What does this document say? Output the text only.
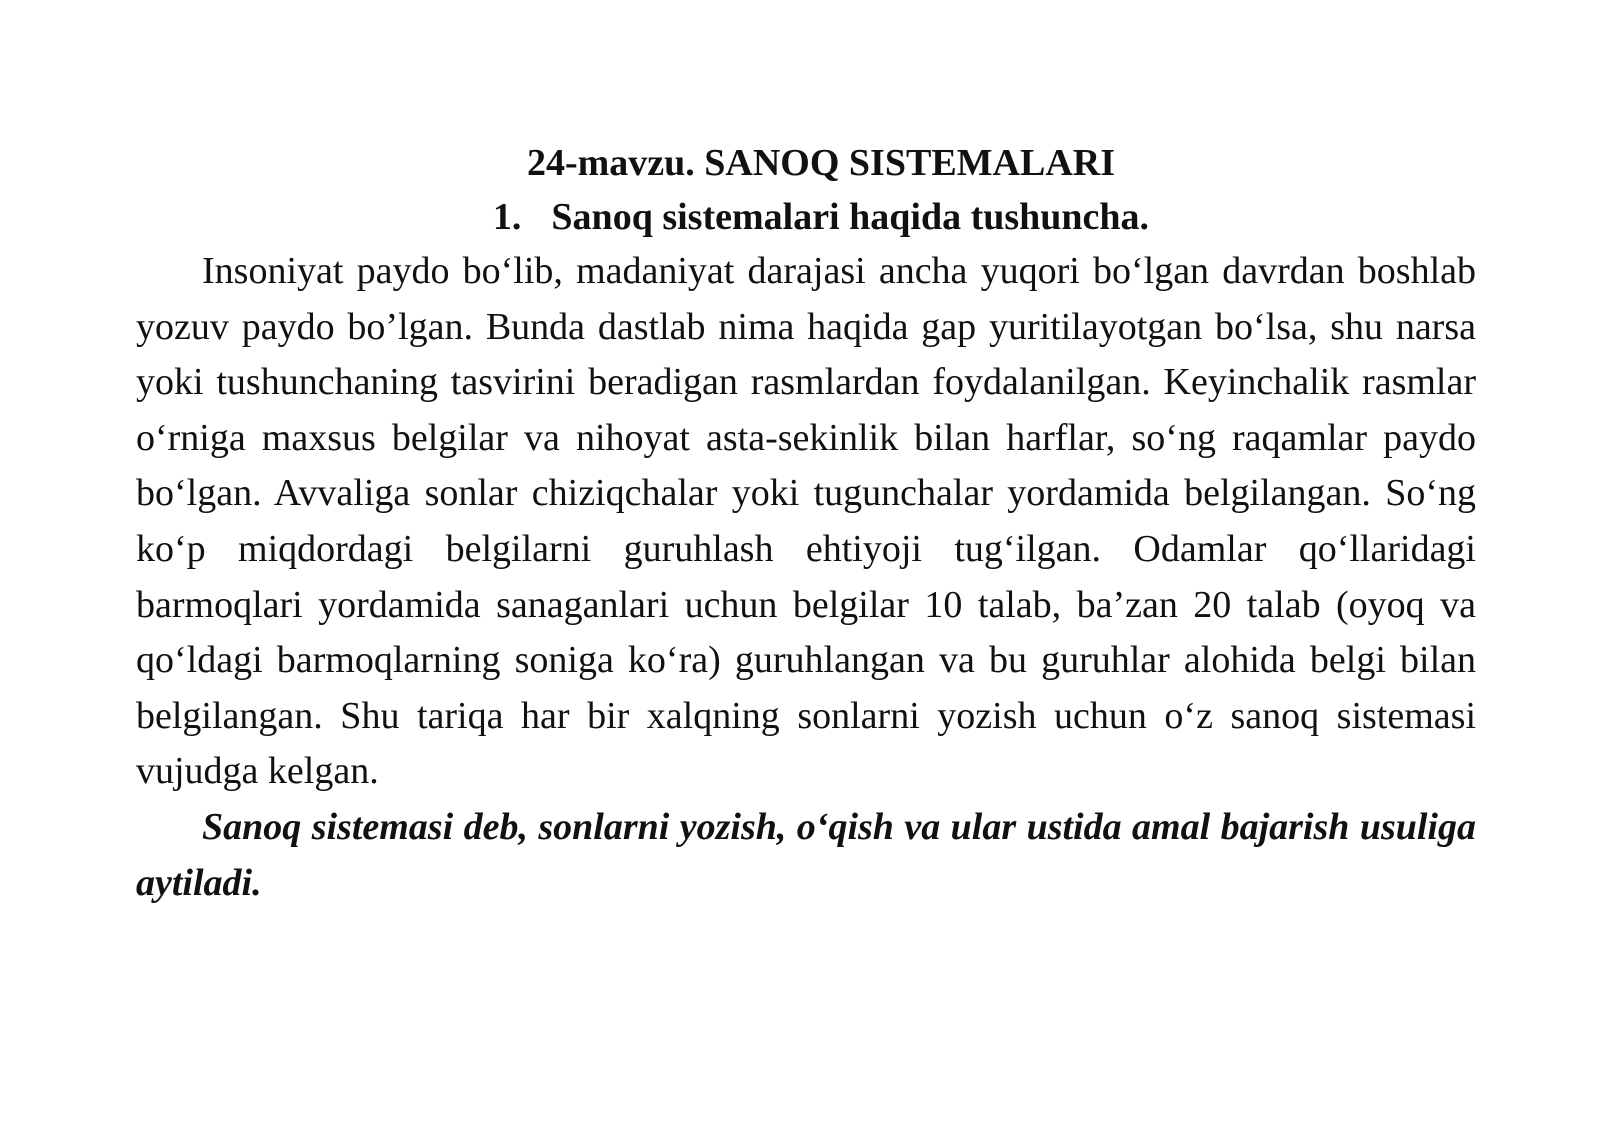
24-mavzu. SANOQ SISTEMALARI
1. Sanoq sistemalari haqida tushuncha.

Insoniyat paydo bo‘lib, madaniyat darajasi ancha yuqori bo‘lgan davrdan boshlab yozuv paydo bo’lgan. Bunda dastlab nima haqida gap yuritilayotgan bo‘lsa, shu narsa yoki tushunchaning tasvirini beradigan rasmlardan foydalanilgan. Keyinchalik rasmlar o‘rniga maxsus belgilar va nihoyat asta-sekinlik bilan harflar, so‘ng raqamlar paydo bo‘lgan. Avvaliga sonlar chiziqchalar yoki tugunchalar yordamida belgilangan. So‘ng ko‘p miqdordagi belgilarni guruhlash ehtiyoji tug‘ilgan. Odamlar qo‘llaridagi barmoqlari yordamida sanaganlari uchun belgilar 10 talab, ba’zan 20 talab (oyoq va qo‘ldagi barmoqlarning soniga ko‘ra) guruhlangan va bu guruhlar alohida belgi bilan belgilangan. Shu tariqa har bir xalqning sonlarni yozish uchun o‘z sanoq sistemasi vujudga kelgan.

Sanoq sistemasi deb, sonlarni yozish, o‘qish va ular ustida amal bajarish usuliga aytiladi.
